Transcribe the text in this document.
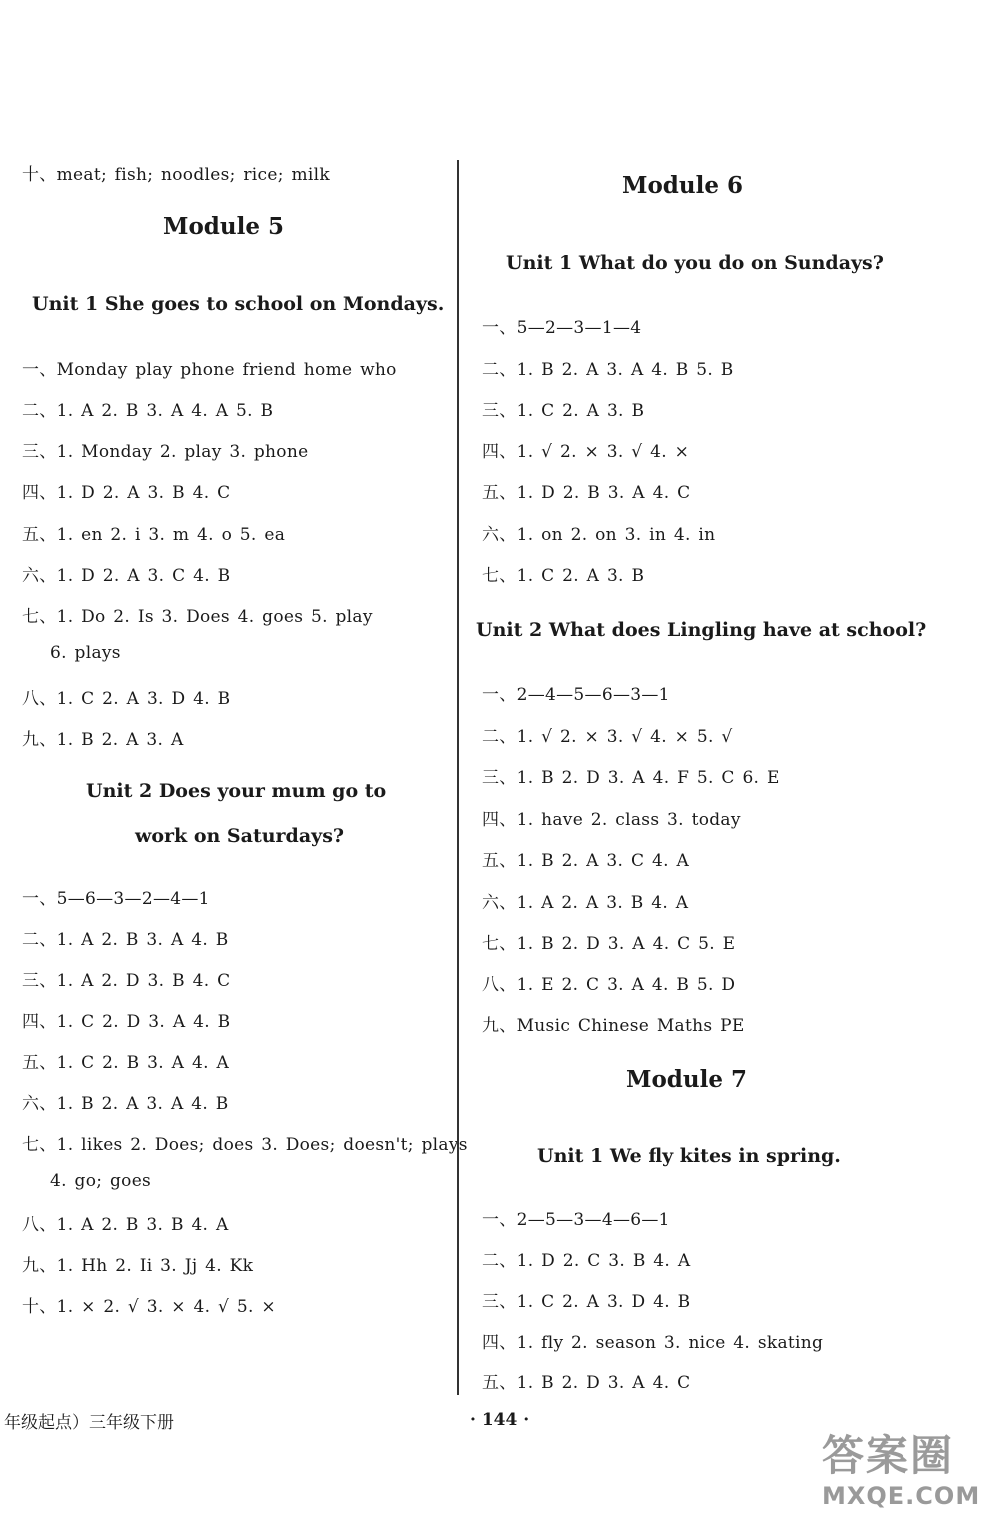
十、meat; fish; noodles; rice; milk
Module 5
Unit 1 She goes to school on Mondays.
一、Monday play phone friend home who
二、1. A 2. B 3. A 4. A 5. B
三、1. Monday 2. play 3. phone
四、1. D 2. A 3. B 4. C
五、1. en 2. i 3. m 4. o 5. ea
六、1. D 2. A 3. C 4. B
七、1. Do 2. Is 3. Does 4. goes 5. play
6. plays
八、1. C 2. A 3. D 4. B
九、1. B 2. A 3. A
Unit 2 Does your mum go to
work on Saturdays?
一、5—6—3—2—4—1
二、1. A 2. B 3. A 4. B
三、1. A 2. D 3. B 4. C
四、1. C 2. D 3. A 4. B
五、1. C 2. B 3. A 4. A
六、1. B 2. A 3. A 4. B
七、1. likes 2. Does; does 3. Does; doesn't; plays
4. go; goes
八、1. A 2. B 3. B 4. A
九、1. Hh 2. Ii 3. Jj 4. Kk
十、1. × 2. √ 3. × 4. √ 5. ×
Module 6
Unit 1 What do you do on Sundays?
一、5—2—3—1—4
二、1. B 2. A 3. A 4. B 5. B
三、1. C 2. A 3. B
四、1. √ 2. × 3. √ 4. ×
五、1. D 2. B 3. A 4. C
六、1. on 2. on 3. in 4. in
七、1. C 2. A 3. B
Unit 2 What does Lingling have at school?
一、2—4—5—6—3—1
二、1. √ 2. × 3. √ 4. × 5. √
三、1. B 2. D 3. A 4. F 5. C 6. E
四、1. have 2. class 3. today
五、1. B 2. A 3. C 4. A
六、1. A 2. A 3. B 4. A
七、1. B 2. D 3. A 4. C 5. E
八、1. E 2. C 3. A 4. B 5. D
九、Music Chinese Maths PE
Module 7
Unit 1 We fly kites in spring.
一、2—5—3—4—6—1
二、1. D 2. C 3. B 4. A
三、1. C 2. A 3. D 4. B
四、1. fly 2. season 3. nice 4. skating
五、1. B 2. D 3. A 4. C
年级起点）三年级下册	· 144 ·
答案圈
MXQE.COM
